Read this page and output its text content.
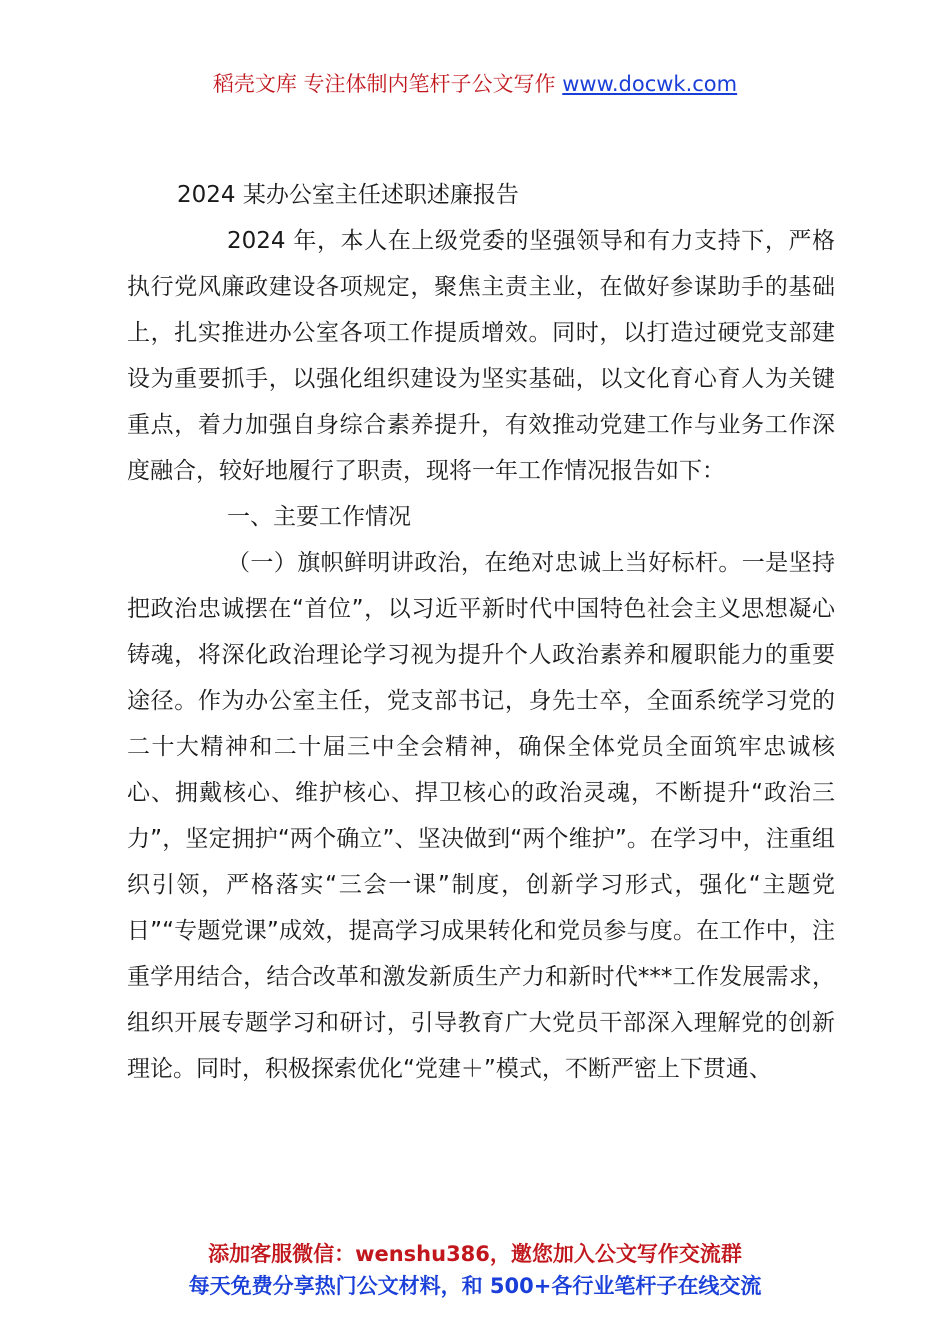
稻壳文库 专注体制内笔杆子公文写作 www.docwk.com

2024 某办公室主任述职述廉报告

2024 年，本人在上级党委的坚强领导和有力支持下，严格执行党风廉政建设各项规定，聚焦主责主业，在做好参谋助手的基础上，扎实推进办公室各项工作提质增效。同时，以打造过硬党支部建设为重要抓手，以强化组织建设为坚实基础，以文化育心育人为关键重点，着力加强自身综合素养提升，有效推动党建工作与业务工作深度融合，较好地履行了职责，现将一年工作情况报告如下：

一、主要工作情况

（一）旗帜鲜明讲政治，在绝对忠诚上当好标杆。一是坚持把政治忠诚摆在“首位”，以习近平新时代中国特色社会主义思想凝心铸魂，将深化政治理论学习视为提升个人政治素养和履职能力的重要途径。作为办公室主任，党支部书记，身先士卒，全面系统学习党的二十大精神和二十届三中全会精神，确保全体党员全面筑牢忠诚核心、拥戴核心、维护核心、捍卫核心的政治灵魂，不断提升“政治三力”，坚定拥护“两个确立”、坚决做到“两个维护”。在学习中，注重组织引领，严格落实“三会一课”制度，创新学习形式，强化“主题党日”“专题党课”成效，提高学习成果转化和党员参与度。在工作中，注重学用结合，结合改革和激发新质生产力和新时代***工作发展需求，组织开展专题学习和研讨，引导教育广大党员干部深入理解党的创新理论。同时，积极探索优化“党建＋”模式，不断严密上下贯通、

添加客服微信：wenshu386，邀您加入公文写作交流群
每天免费分享热门公文材料，和 500+各行业笔杆子在线交流
